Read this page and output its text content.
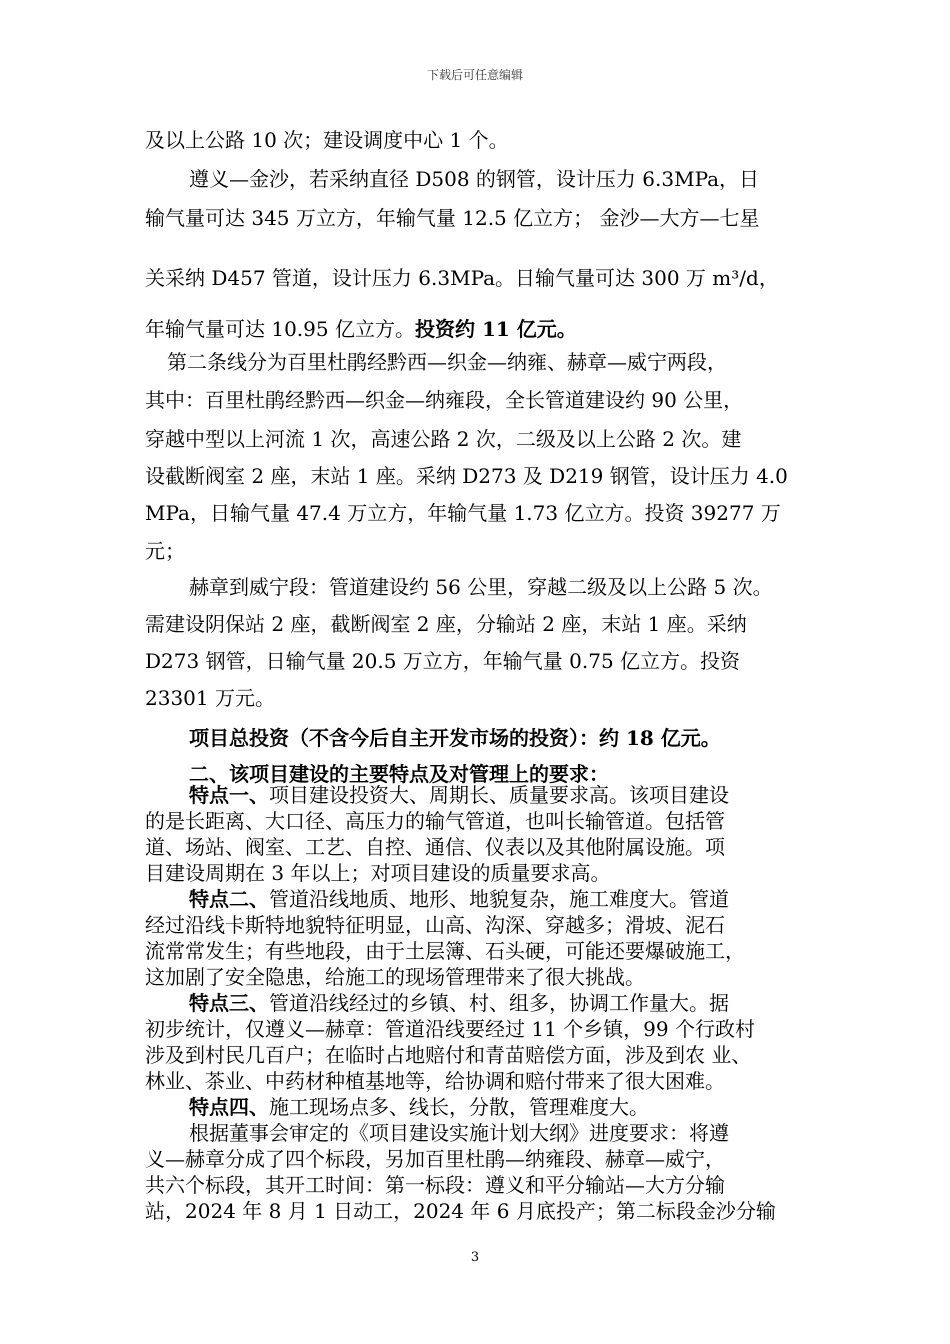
下载后可任意编辑

及以上公路 10 次；建设调度中心 1 个。

遵义—金沙，若采纳直径 D508 的钢管，设计压力 6.3MPa，日

输气量可达 345 万立方，年输气量 12.5 亿立方； 金沙—大方—七星

关采纳 D457 管道，设计压力 6.3MPa。日输气量可达 300 万 m³/d，

年输气量可达 10.95 亿立方。投资约 11 亿元。

第二条线分为百里杜鹃经黔西—织金—纳雍、赫章—威宁两段，

其中：百里杜鹃经黔西—织金—纳雍段，全长管道建设约 90 公里，

穿越中型以上河流 1 次，高速公路 2 次，二级及以上公路 2 次。建

设截断阀室 2 座，末站 1 座。采纳 D273 及 D219 钢管，设计压力 4.0

MPa，日输气量 47.4 万立方，年输气量 1.73 亿立方。投资 39277 万

元；

赫章到威宁段：管道建设约 56 公里，穿越二级及以上公路 5 次。

需建设阴保站 2 座，截断阀室 2 座，分输站 2 座，末站 1 座。采纳

D273 钢管，日输气量 20.5 万立方，年输气量 0.75 亿立方。投资

23301 万元。

项目总投资（不含今后自主开发市场的投资）：约 18 亿元。

二、该项目建设的主要特点及对管理上的要求：

特点一、项目建设投资大、周期长、质量要求高。该项目建设
的是长距离、大口径、高压力的输气管道，也叫长输管道。包括管
道、场站、阀室、工艺、自控、通信、仪表以及其他附属设施。项
目建设周期在 3 年以上；对项目建设的质量要求高。
特点二、管道沿线地质、地形、地貌复杂，施工难度大。管道
经过沿线卡斯特地貌特征明显，山高、沟深、穿越多；滑坡、泥石
流常常发生；有些地段，由于土层簿、石头硬，可能还要爆破施工，
这加剧了安全隐患，给施工的现场管理带来了很大挑战。
特点三、管道沿线经过的乡镇、村、组多，协调工作量大。据
初步统计，仅遵义—赫章：管道沿线要经过 11 个乡镇，99 个行政村
涉及到村民几百户；在临时占地赔付和青苗赔偿方面，涉及到农 业、
林业、茶业、中药材种植基地等，给协调和赔付带来了很大困难。
特点四、施工现场点多、线长，分散，管理难度大。
根据董事会审定的《项目建设实施计划大纲》进度要求：将遵
义—赫章分成了四个标段，另加百里杜鹃—纳雍段、赫章—威宁，
共六个标段，其开工时间：第一标段：遵义和平分输站—大方分输
站，2024 年 8 月 1 日动工，2024 年 6 月底投产；第二标段金沙分输
3
